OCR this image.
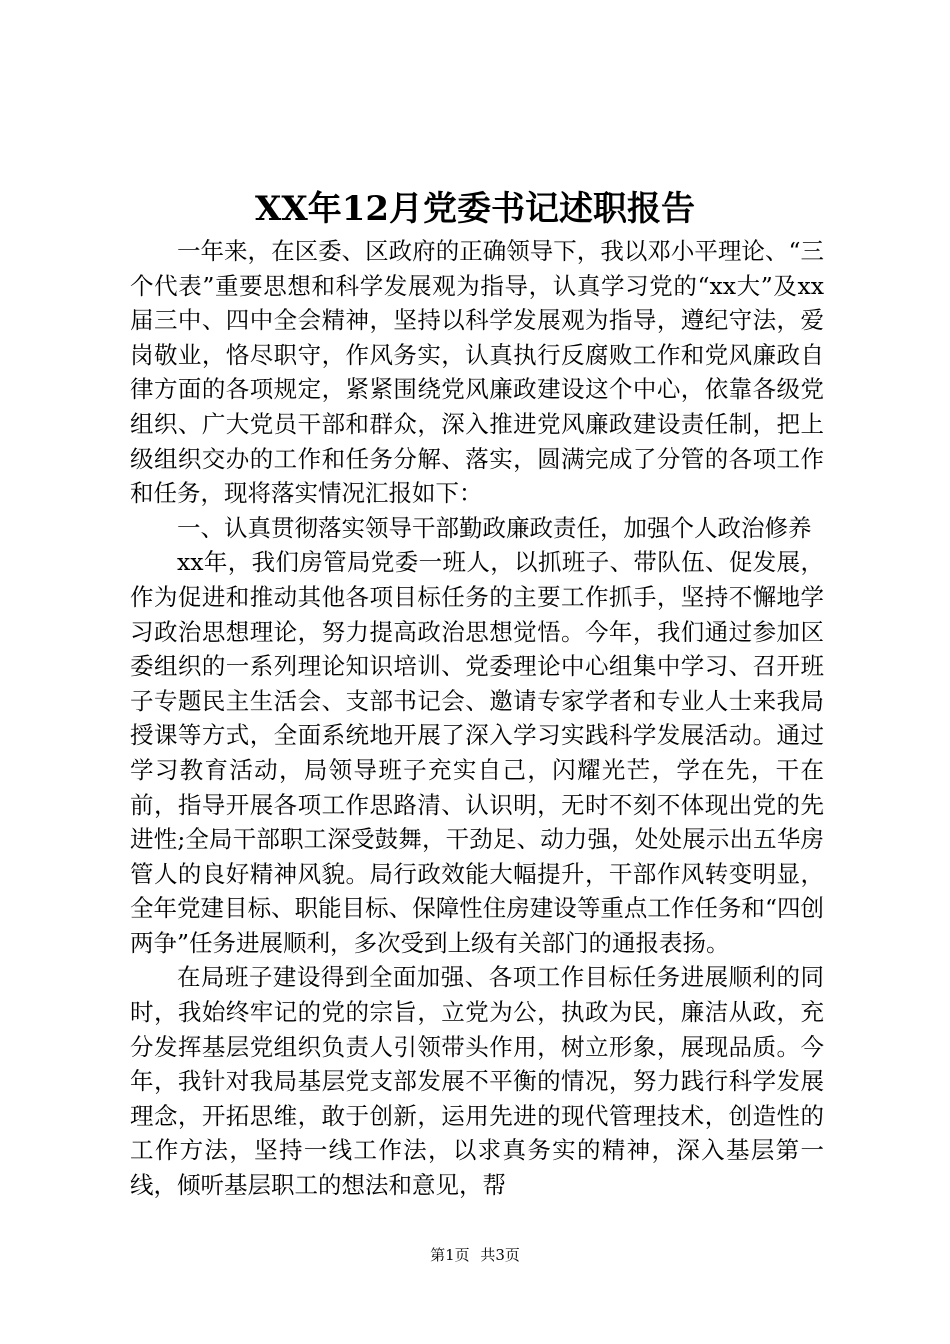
XX年12月党委书记述职报告

一年来，在区委、区政府的正确领导下，我以邓小平理论、“三个代表”重要思想和科学发展观为指导，认真学习党的“xx大”及xx届三中、四中全会精神，坚持以科学发展观为指导，遵纪守法，爱岗敬业，恪尽职守，作风务实，认真执行反腐败工作和党风廉政自律方面的各项规定，紧紧围绕党风廉政建设这个中心，依靠各级党组织、广大党员干部和群众，深入推进党风廉政建设责任制，把上级组织交办的工作和任务分解、落实，圆满完成了分管的各项工作和任务，现将落实情况汇报如下：

一、认真贯彻落实领导干部勤政廉政责任，加强个人政治修养

xx年，我们房管局党委一班人，以抓班子、带队伍、促发展，作为促进和推动其他各项目标任务的主要工作抓手，坚持不懈地学习政治思想理论，努力提高政治思想觉悟。今年，我们通过参加区委组织的一系列理论知识培训、党委理论中心组集中学习、召开班子专题民主生活会、支部书记会、邀请专家学者和专业人士来我局授课等方式，全面系统地开展了深入学习实践科学发展活动。通过学习教育活动，局领导班子充实自己，闪耀光芒，学在先，干在前，指导开展各项工作思路清、认识明，无时不刻不体现出党的先进性;全局干部职工深受鼓舞，干劲足、动力强，处处展示出五华房管人的良好精神风貌。局行政效能大幅提升，干部作风转变明显，全年党建目标、职能目标、保障性住房建设等重点工作任务和“四创两争”任务进展顺利，多次受到上级有关部门的通报表扬。

在局班子建设得到全面加强、各项工作目标任务进展顺利的同时，我始终牢记的党的宗旨，立党为公，执政为民，廉洁从政，充分发挥基层党组织负责人引领带头作用，树立形象，展现品质。今年，我针对我局基层党支部发展不平衡的情况，努力践行科学发展理念，开拓思维，敢于创新，运用先进的现代管理技术，创造性的工作方法，坚持一线工作法，以求真务实的精神，深入基层第一线，倾听基层职工的想法和意见，帮

第1页 共3页
